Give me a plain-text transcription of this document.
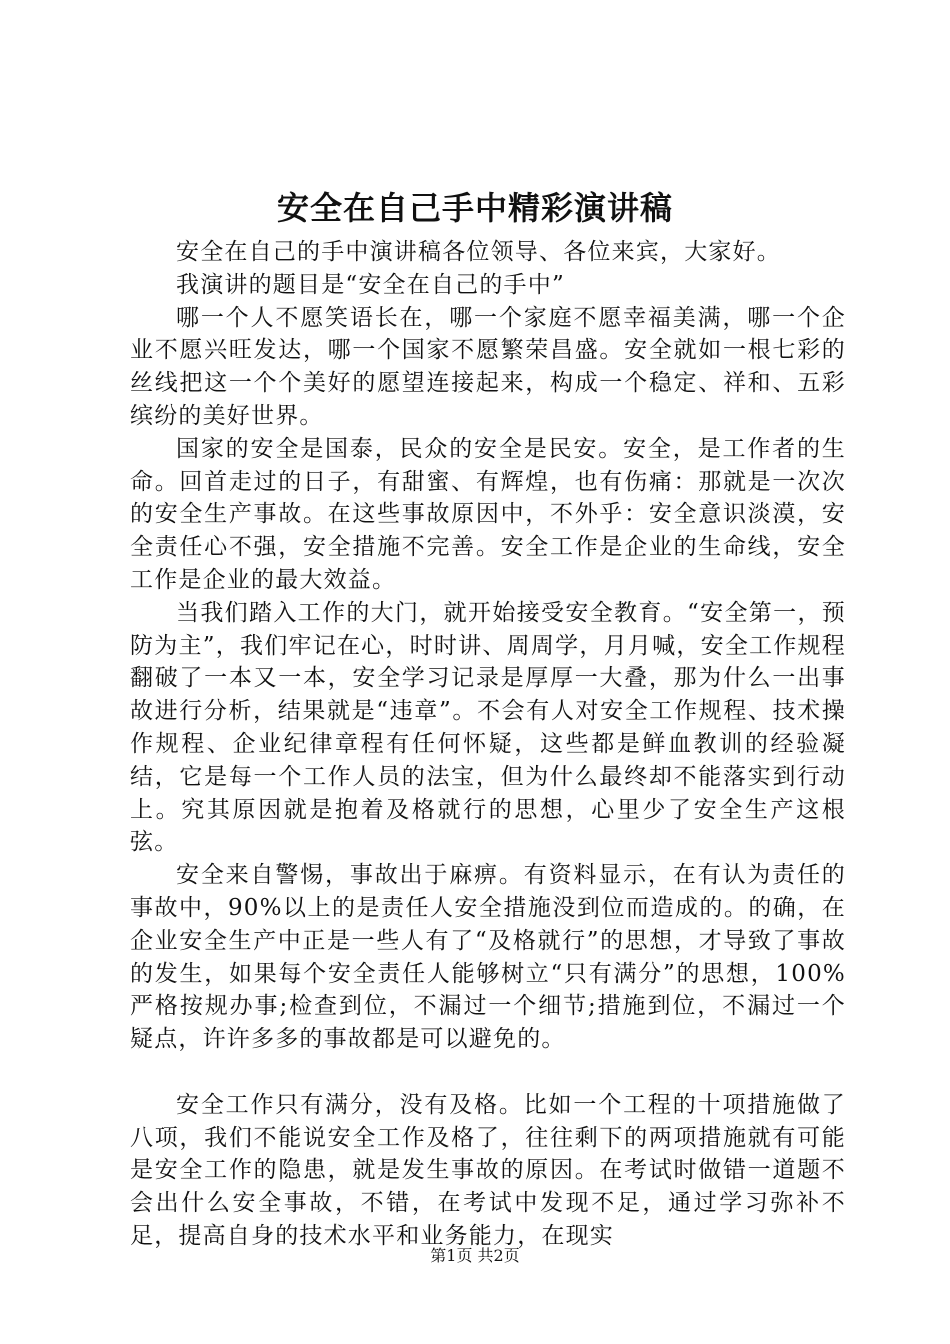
安全在自己手中精彩演讲稿

安全在自己的手中演讲稿各位领导、各位来宾，大家好。

我演讲的题目是“安全在自己的手中”

哪一个人不愿笑语长在，哪一个家庭不愿幸福美满，哪一个企业不愿兴旺发达，哪一个国家不愿繁荣昌盛。安全就如一根七彩的丝线把这一个个美好的愿望连接起来，构成一个稳定、祥和、五彩缤纷的美好世界。

国家的安全是国泰，民众的安全是民安。安全，是工作者的生命。回首走过的日子，有甜蜜、有辉煌，也有伤痛：那就是一次次的安全生产事故。在这些事故原因中，不外乎：安全意识淡漠，安全责任心不强，安全措施不完善。安全工作是企业的生命线，安全工作是企业的最大效益。

当我们踏入工作的大门，就开始接受安全教育。“安全第一，预防为主”，我们牢记在心，时时讲、周周学，月月喊，安全工作规程翻破了一本又一本，安全学习记录是厚厚一大叠，那为什么一出事故进行分析，结果就是“违章”。不会有人对安全工作规程、技术操作规程、企业纪律章程有任何怀疑，这些都是鲜血教训的经验凝结，它是每一个工作人员的法宝，但为什么最终却不能落实到行动上。究其原因就是抱着及格就行的思想，心里少了安全生产这根弦。

安全来自警惕，事故出于麻痹。有资料显示，在有认为责任的事故中，90%以上的是责任人安全措施没到位而造成的。的确，在企业安全生产中正是一些人有了“及格就行”的思想，才导致了事故的发生，如果每个安全责任人能够树立“只有满分”的思想，100%严格按规办事;检查到位，不漏过一个细节;措施到位，不漏过一个疑点，许许多多的事故都是可以避免的。

安全工作只有满分，没有及格。比如一个工程的十项措施做了八项，我们不能说安全工作及格了，往往剩下的两项措施就有可能是安全工作的隐患，就是发生事故的原因。在考试时做错一道题不会出什么安全事故，不错，在考试中发现不足，通过学习弥补不足，提高自身的技术水平和业务能力，在现实

第1页 共2页
